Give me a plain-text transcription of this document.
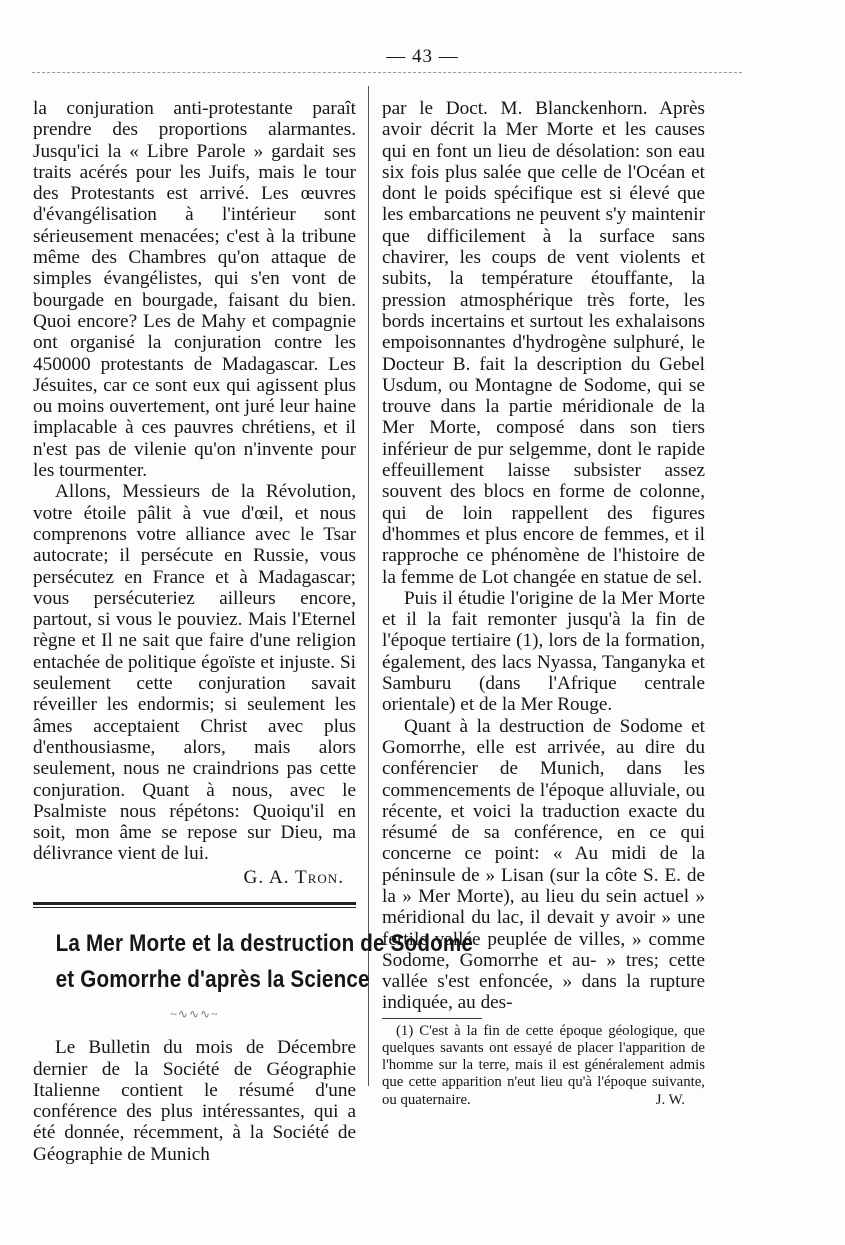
— 43 —

la conjuration anti-protestante paraît prendre des proportions alarmantes. Jusqu'ici la « Libre Parole » gardait ses traits acérés pour les Juifs, mais le tour des Protestants est arrivé. Les œuvres d'évangélisation à l'intérieur sont sérieusement menacées; c'est à la tribune même des Chambres qu'on attaque de simples évangélistes, qui s'en vont de bourgade en bourgade, faisant du bien. Quoi encore? Les de Mahy et compagnie ont organisé la conjuration contre les 450000 protestants de Madagascar. Les Jésuites, car ce sont eux qui agissent plus ou moins ouvertement, ont juré leur haine implacable à ces pauvres chrétiens, et il n'est pas de vilenie qu'on n'invente pour les tourmenter.

Allons, Messieurs de la Révolution, votre étoile pâlit à vue d'œil, et nous comprenons votre alliance avec le Tsar autocrate; il persécute en Russie, vous persécutez en France et à Madagascar; vous persécuteriez ailleurs encore, partout, si vous le pouviez. Mais l'Eternel règne et Il ne sait que faire d'une religion entachée de politique égoïste et injuste. Si seulement cette conjuration savait réveiller les endormis; si seulement les âmes acceptaient Christ avec plus d'enthousiasme, alors, mais alors seulement, nous ne craindrions pas cette conjuration. Quant à nous, avec le Psalmiste nous répétons: Quoiqu'il en soit, mon âme se repose sur Dieu, ma délivrance vient de lui.

G. A. Tron.
La Mer Morte et la destruction de Sodome
et Gomorrhe d'après la Science
~∿∿∿~

Le Bulletin du mois de Décembre dernier de la Société de Géographie Italienne contient le résumé d'une conférence des plus intéressantes, qui a été donnée, récemment, à la Société de Géographie de Munich

par le Doct. M. Blanckenhorn. Après avoir décrit la Mer Morte et les causes qui en font un lieu de désolation: son eau six fois plus salée que celle de l'Océan et dont le poids spécifique est si élevé que les embarcations ne peuvent s'y maintenir que difficilement à la surface sans chavirer, les coups de vent violents et subits, la température étouffante, la pression atmosphérique très forte, les bords incertains et surtout les exhalaisons empoisonnantes d'hydrogène sulphuré, le Docteur B. fait la description du Gebel Usdum, ou Montagne de Sodome, qui se trouve dans la partie méridionale de la Mer Morte, composé dans son tiers inférieur de pur selgemme, dont le rapide effeuillement laisse subsister assez souvent des blocs en forme de colonne, qui de loin rappellent des figures d'hommes et plus encore de femmes, et il rapproche ce phénomène de l'histoire de la femme de Lot changée en statue de sel.

Puis il étudie l'origine de la Mer Morte et il la fait remonter jusqu'à la fin de l'époque tertiaire (1), lors de la formation, également, des lacs Nyassa, Tanganyka et Samburu (dans l'Afrique centrale orientale) et de la Mer Rouge.

Quant à la destruction de Sodome et Gomorrhe, elle est arrivée, au dire du conférencier de Munich, dans les commencements de l'époque alluviale, ou récente, et voici la traduction exacte du résumé de sa conférence, en ce qui concerne ce point: « Au midi de la péninsule de » Lisan (sur la côte S. E. de la » Mer Morte), au lieu du sein actuel » méridional du lac, il devait y avoir » une fertile vallée peuplée de villes, » comme Sodome, Gomorrhe et au- » tres; cette vallée s'est enfoncée, » dans la rupture indiquée, au des-

(1) C'est à la fin de cette époque géologique, que quelques savants ont essayé de placer l'apparition de l'homme sur la terre, mais il est généralement admis que cette apparition n'eut lieu qu'à l'époque suivante, ou quaternaire.	J. W.
